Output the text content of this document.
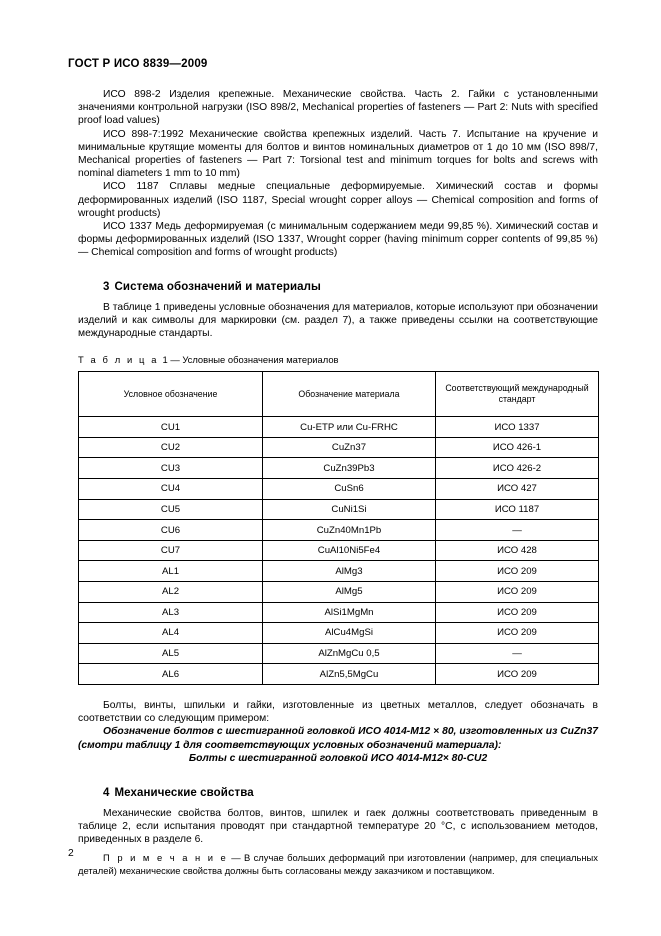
ГОСТ Р ИСО 8839—2009

ИСО 898-2 Изделия крепежные. Механические свойства. Часть 2. Гайки с установленными значениями контрольной нагрузки (ISO 898/2, Mechanical properties of fasteners — Part 2: Nuts with specified proof load values)

ИСО 898-7:1992 Механические свойства крепежных изделий. Часть 7. Испытание на кручение и минимальные крутящие моменты для болтов и винтов номинальных диаметров от 1 до 10 мм (ISO 898/7, Mechanical properties of fasteners — Part 7: Torsional test and minimum torques for bolts and screws with nominal diameters 1 mm to 10 mm)

ИСО 1187 Сплавы медные специальные деформируемые. Химический состав и формы деформированных изделий (ISO 1187, Special wrought copper alloys — Chemical composition and forms of wrought products)

ИСО 1337 Медь деформируемая (с минимальным содержанием меди 99,85 %). Химический состав и формы деформированных изделий (ISO 1337, Wrought copper (having minimum copper contents of 99,85 %) — Chemical composition and forms of wrought products)

3 Система обозначений и материалы

В таблице 1 приведены условные обозначения для материалов, которые используют при обозначении изделий и как символы для маркировки (см. раздел 7), а также приведены ссылки на соответствующие международные стандарты.

Т а б л и ц а 1 — Условные обозначения материалов

Условное обозначение	Обозначение материала	Соответствующий международный стандарт
CU1	Cu-ETP или Cu-FRHC	ИСО 1337
CU2	CuZn37	ИСО 426-1
CU3	CuZn39Pb3	ИСО 426-2
CU4	CuSn6	ИСО 427
CU5	CuNi1Si	ИСО 1187
CU6	CuZn40Mn1Pb	—
CU7	CuAl10Ni5Fe4	ИСО 428
AL1	AlMg3	ИСО 209
AL2	AlMg5	ИСО 209
AL3	AlSi1MgMn	ИСО 209
AL4	AlCu4MgSi	ИСО 209
AL5	AlZnMgCu 0,5	—
AL6	AlZn5,5MgCu	ИСО 209

Болты, винты, шпильки и гайки, изготовленные из цветных металлов, следует обозначать в соответствии со следующим примером:

Обозначение болтов с шестигранной головкой ИСО 4014-М12 × 80, изготовленных из CuZn37 (смотри таблицу 1 для соответствующих условных обозначений материала):

Болты с шестигранной головкой ИСО 4014-М12× 80-CU2

4 Механические свойства

Механические свойства болтов, винтов, шпилек и гаек должны соответствовать приведенным в таблице 2, если испытания проводят при стандартной температуре 20 °С, с использованием методов, приведенных в разделе 6.

П р и м е ч а н и е — В случае больших деформаций при изготовлении (например, для специальных деталей) механические свойства должны быть согласованы между заказчиком и поставщиком.

2
